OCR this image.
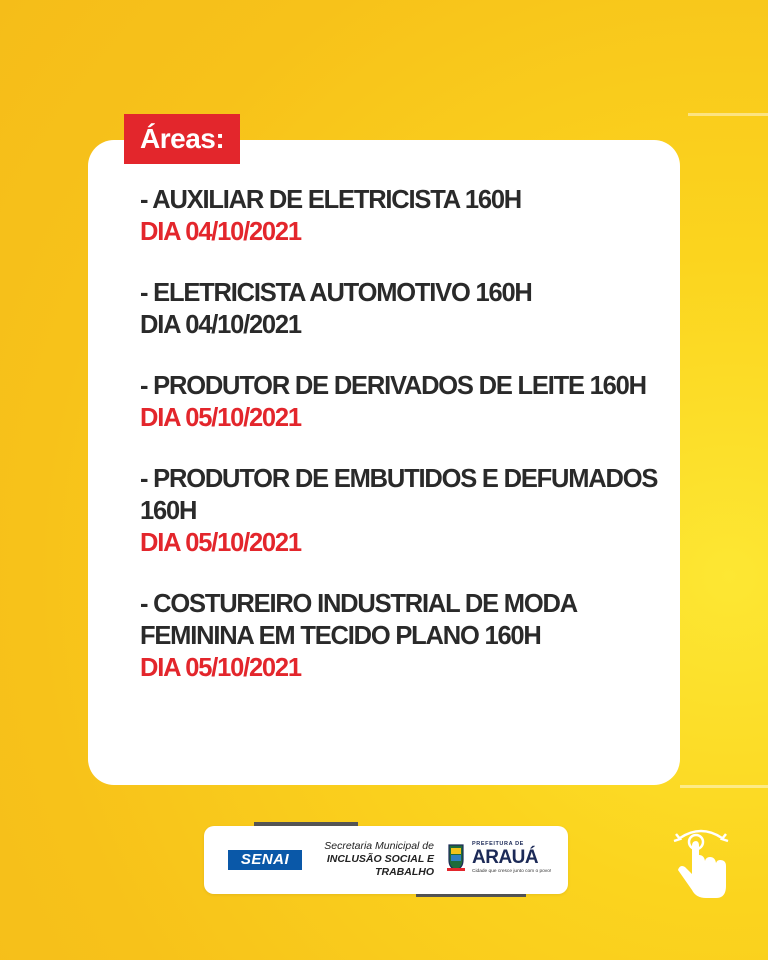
Áreas:
- AUXILIAR DE ELETRICISTA 160H
DIA 04/10/2021
- ELETRICISTA AUTOMOTIVO 160H
DIA 04/10/2021
- PRODUTOR DE DERIVADOS DE LEITE 160H
DIA 05/10/2021
- PRODUTOR DE EMBUTIDOS E DEFUMADOS 160H
DIA 05/10/2021
- COSTUREIRO INDUSTRIAL DE MODA FEMININA EM TECIDO PLANO 160H
DIA 05/10/2021
SENAI
Secretaria Municipal de
INCLUSÃO SOCIAL E
TRABALHO
PREFEITURA DE
ARAUÁ
Cidade que cresce junto com o povo!
